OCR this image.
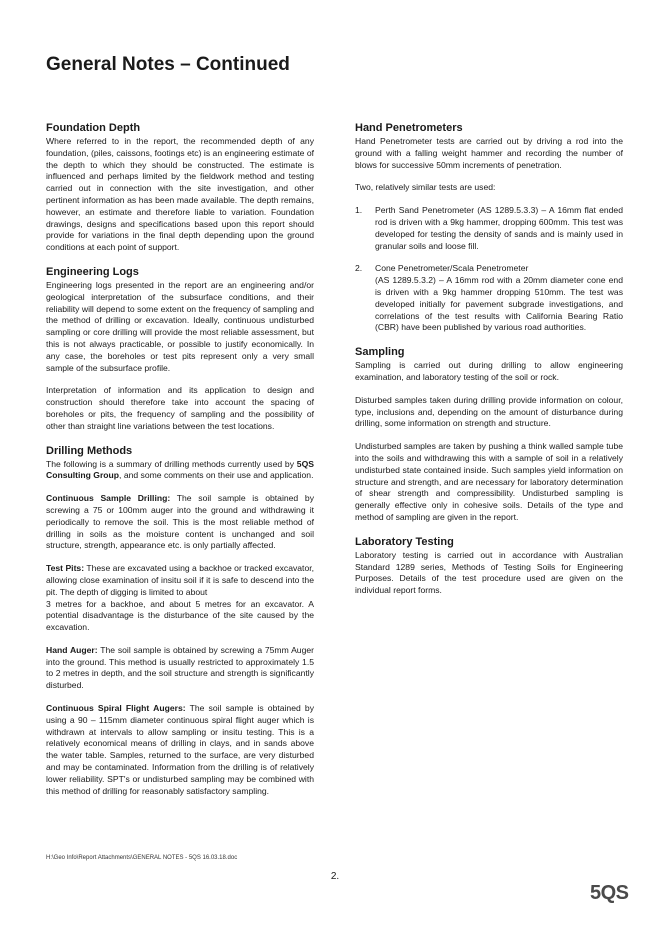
General Notes – Continued
Foundation Depth

Where referred to in the report, the recommended depth of any foundation, (piles, caissons, footings etc) is an engineering estimate of the depth to which they should be constructed. The estimate is influenced and perhaps limited by the fieldwork method and testing carried out in connection with the site investigation, and other pertinent information as has been made available. The depth remains, however, an estimate and therefore liable to variation. Foundation drawings, designs and specifications based upon this report should provide for variations in the final depth depending upon the ground conditions at each point of support.

Engineering Logs

Engineering logs presented in the report are an engineering and/or geological interpretation of the subsurface conditions, and their reliability will depend to some extent on the frequency of sampling and the method of drilling or excavation. Ideally, continuous undisturbed sampling or core drilling will provide the most reliable assessment, but this is not always practicable, or possible to justify economically. In any case, the boreholes or test pits represent only a very small sample of the subsurface profile.

Interpretation of information and its application to design and construction should therefore take into account the spacing of boreholes or pits, the frequency of sampling and the possibility of other than straight line variations between the test locations.

Drilling Methods

The following is a summary of drilling methods currently used by 5QS Consulting Group, and some comments on their use and application.

Continuous Sample Drilling: The soil sample is obtained by screwing a 75 or 100mm auger into the ground and withdrawing it periodically to remove the soil. This is the most reliable method of drilling in soils as the moisture content is unchanged and soil structure, strength, appearance etc. is only partially affected.

Test Pits: These are excavated using a backhoe or tracked excavator, allowing close examination of insitu soil if it is safe to descend into the pit. The depth of digging is limited to about
3 metres for a backhoe, and about 5 metres for an excavator. A potential disadvantage is the disturbance of the site caused by the excavation.

Hand Auger: The soil sample is obtained by screwing a 75mm Auger into the ground. This method is usually restricted to approximately 1.5 to 2 metres in depth, and the soil structure and strength is significantly disturbed.

Continuous Spiral Flight Augers: The soil sample is obtained by using a 90 – 115mm diameter continuous spiral flight auger which is withdrawn at intervals to allow sampling or insitu testing. This is a relatively economical means of drilling in clays, and in sands above the water table. Samples, returned to the surface, are very disturbed and may be contaminated. Information from the drilling is of relatively lower reliability. SPT's or undisturbed sampling may be combined with this method of drilling for reasonably satisfactory sampling.

Hand Penetrometers

Hand Penetrometer tests are carried out by driving a rod into the ground with a falling weight hammer and recording the number of blows for successive 50mm increments of penetration.

Two, relatively similar tests are used:

1.	Perth Sand Penetrometer (AS 1289.5.3.3) – A 16mm flat ended rod is driven with a 9kg hammer, dropping 600mm. This test was developed for testing the density of sands and is mainly used in granular soils and loose fill.
2.	Cone Penetrometer/Scala Penetrometer
(AS 1289.5.3.2) – A 16mm rod with a 20mm diameter cone end is driven with a 9kg hammer dropping 510mm. The test was developed initially for pavement subgrade investigations, and correlations of the test results with California Bearing Ratio (CBR) have been published by various road authorities.
Sampling

Sampling is carried out during drilling to allow engineering examination, and laboratory testing of the soil or rock.

Disturbed samples taken during drilling provide information on colour, type, inclusions and, depending on the amount of disturbance during drilling, some information on strength and structure.

Undisturbed samples are taken by pushing a think walled sample tube into the soils and withdrawing this with a sample of soil in a relatively undisturbed state contained inside. Such samples yield information on structure and strength, and are necessary for laboratory determination of shear strength and compressibility. Undisturbed sampling is generally effective only in cohesive soils. Details of the type and method of sampling are given in the report.

Laboratory Testing

Laboratory testing is carried out in accordance with Australian Standard 1289 series, Methods of Testing Soils for Engineering Purposes. Details of the test procedure used are given on the individual report forms.

H:\Geo Info\Report Attachments\GENERAL NOTES - 5QS 16.03.18.doc
2.
5QS
